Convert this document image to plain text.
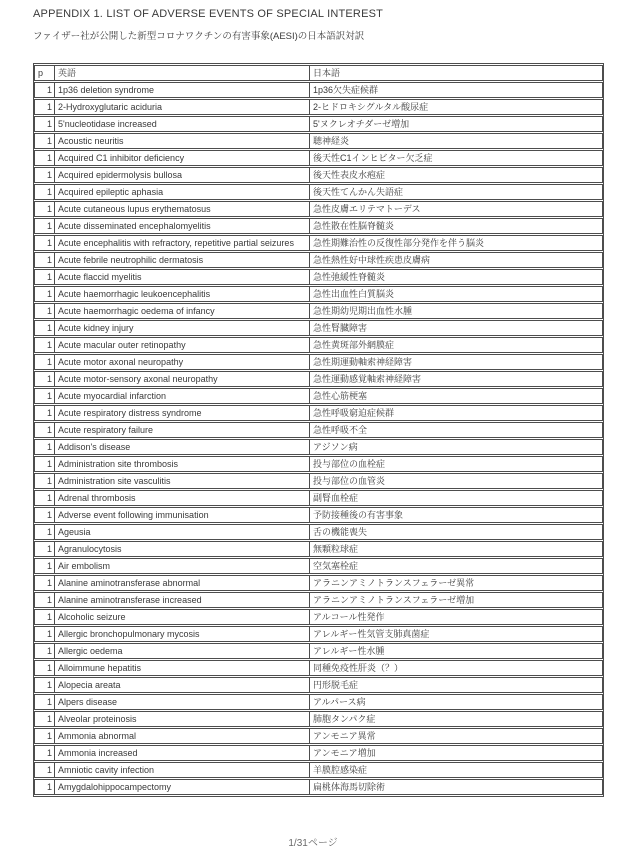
APPENDIX 1. LIST OF ADVERSE EVENTS OF SPECIAL INTEREST
ファイザー社が公開した新型コロナワクチンの有害事象(AESI)の日本語訳対訳
p	英語	日本語
1	1p36 deletion syndrome	1p36欠失症候群
1	2-Hydroxyglutaric aciduria	2-ヒドロキシグルタル酸尿症
1	5'nucleotidase increased	5'ヌクレオチダーゼ増加
1	Acoustic neuritis	聴神経炎
1	Acquired C1 inhibitor deficiency	後天性C1インヒビター欠乏症
1	Acquired epidermolysis bullosa	後天性表皮水疱症
1	Acquired epileptic aphasia	後天性てんかん失語症
1	Acute cutaneous lupus erythematosus	急性皮膚エリテマトーデス
1	Acute disseminated encephalomyelitis	急性散在性脳脊髄炎
1	Acute encephalitis with refractory, repetitive partial seizures	急性期難治性の反復性部分発作を伴う脳炎
1	Acute febrile neutrophilic dermatosis	急性熱性好中球性疾患皮膚病
1	Acute flaccid myelitis	急性弛緩性脊髄炎
1	Acute haemorrhagic leukoencephalitis	急性出血性白質脳炎
1	Acute haemorrhagic oedema of infancy	急性期幼児期出血性水腫
1	Acute kidney injury	急性腎臓障害
1	Acute macular outer retinopathy	急性黄斑部外網膜症
1	Acute motor axonal neuropathy	急性期運動軸索神経障害
1	Acute motor-sensory axonal neuropathy	急性運動感覚軸索神経障害
1	Acute myocardial infarction	急性心筋梗塞
1	Acute respiratory distress syndrome	急性呼吸窮迫症候群
1	Acute respiratory failure	急性呼吸不全
1	Addison's disease	アジソン病
1	Administration site thrombosis	投与部位の血栓症
1	Administration site vasculitis	投与部位の血管炎
1	Adrenal thrombosis	副腎血栓症
1	Adverse event following immunisation	予防接種後の有害事象
1	Ageusia	舌の機能喪失
1	Agranulocytosis	無顆粒球症
1	Air embolism	空気塞栓症
1	Alanine aminotransferase abnormal	アラニンアミノトランスフェラーゼ異常
1	Alanine aminotransferase increased	アラニンアミノトランスフェラーゼ増加
1	Alcoholic seizure	アルコール性発作
1	Allergic bronchopulmonary mycosis	アレルギー性気管支肺真菌症
1	Allergic oedema	アレルギー性水腫
1	Alloimmune hepatitis	同種免疫性肝炎（？）
1	Alopecia areata	円形脱毛症
1	Alpers disease	アルパース病
1	Alveolar proteinosis	肺胞タンパク症
1	Ammonia abnormal	アンモニア異常
1	Ammonia increased	アンモニア増加
1	Amniotic cavity infection	羊膜腔感染症
1	Amygdalohippocampectomy	扁桃体海馬切除術
1/31ページ
